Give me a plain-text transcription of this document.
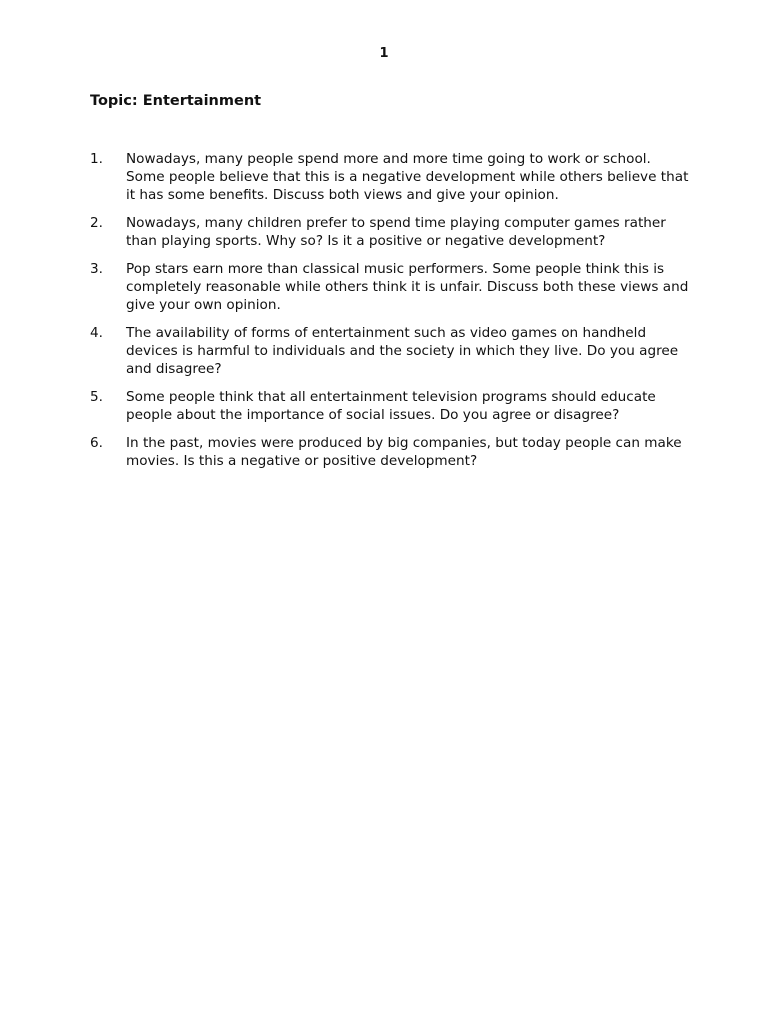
1
Topic: Entertainment
1.	Nowadays, many people spend more and more time going to work or school. Some people believe that this is a negative development while others believe that it has some benefits. Discuss both views and give your opinion.
2.	Nowadays, many children prefer to spend time playing computer games rather than playing sports. Why so? Is it a positive or negative development?
3.	Pop stars earn more than classical music performers. Some people think this is completely reasonable while others think it is unfair. Discuss both these views and give your own opinion.
4.	The availability of forms of entertainment such as video games on handheld devices is harmful to individuals and the society in which they live. Do you agree and disagree?
5.	Some people think that all entertainment television programs should educate people about the importance of social issues. Do you agree or disagree?
6.	In the past, movies were produced by big companies, but today people can make movies. Is this a negative or positive development?
